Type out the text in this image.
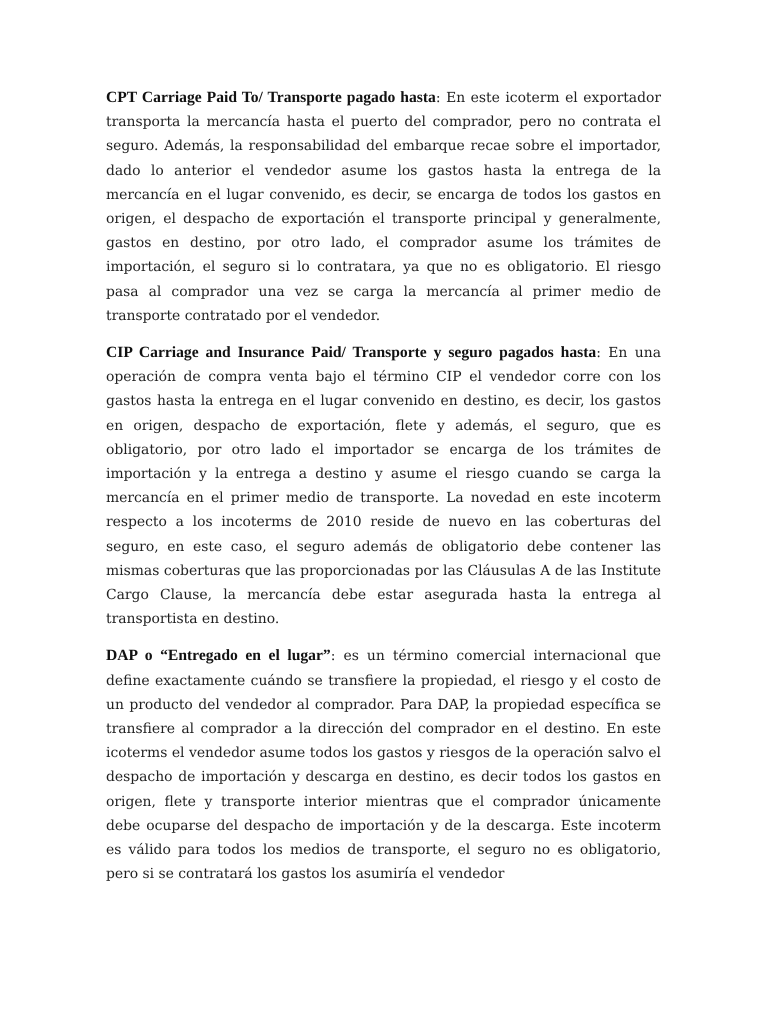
CPT Carriage Paid To/ Transporte pagado hasta: En este icoterm el exportador transporta la mercancía hasta el puerto del comprador, pero no contrata el seguro. Además, la responsabilidad del embarque recae sobre el importador, dado lo anterior el vendedor asume los gastos hasta la entrega de la mercancía en el lugar convenido, es decir, se encarga de todos los gastos en origen, el despacho de exportación el transporte principal y generalmente, gastos en destino, por otro lado, el comprador asume los trámites de importación, el seguro si lo contratara, ya que no es obligatorio. El riesgo pasa al comprador una vez se carga la mercancía al primer medio de transporte contratado por el vendedor.

CIP Carriage and Insurance Paid/ Transporte y seguro pagados hasta: En una operación de compra venta bajo el término CIP el vendedor corre con los gastos hasta la entrega en el lugar convenido en destino, es decir, los gastos en origen, despacho de exportación, flete y además, el seguro, que es obligatorio, por otro lado el importador se encarga de los trámites de importación y la entrega a destino y asume el riesgo cuando se carga la mercancía en el primer medio de transporte. La novedad en este incoterm respecto a los incoterms de 2010 reside de nuevo en las coberturas del seguro, en este caso, el seguro además de obligatorio debe contener las mismas coberturas que las proporcionadas por las Cláusulas A de las Institute Cargo Clause, la mercancía debe estar asegurada hasta la entrega al transportista en destino.

DAP o “Entregado en el lugar”: es un término comercial internacional que define exactamente cuándo se transfiere la propiedad, el riesgo y el costo de un producto del vendedor al comprador. Para DAP, la propiedad específica se transfiere al comprador a la dirección del comprador en el destino. En este icoterms el vendedor asume todos los gastos y riesgos de la operación salvo el despacho de importación y descarga en destino, es decir todos los gastos en origen, flete y transporte interior mientras que el comprador únicamente debe ocuparse del despacho de importación y de la descarga. Este incoterm es válido para todos los medios de transporte, el seguro no es obligatorio, pero si se contratará los gastos los asumiría el vendedor
